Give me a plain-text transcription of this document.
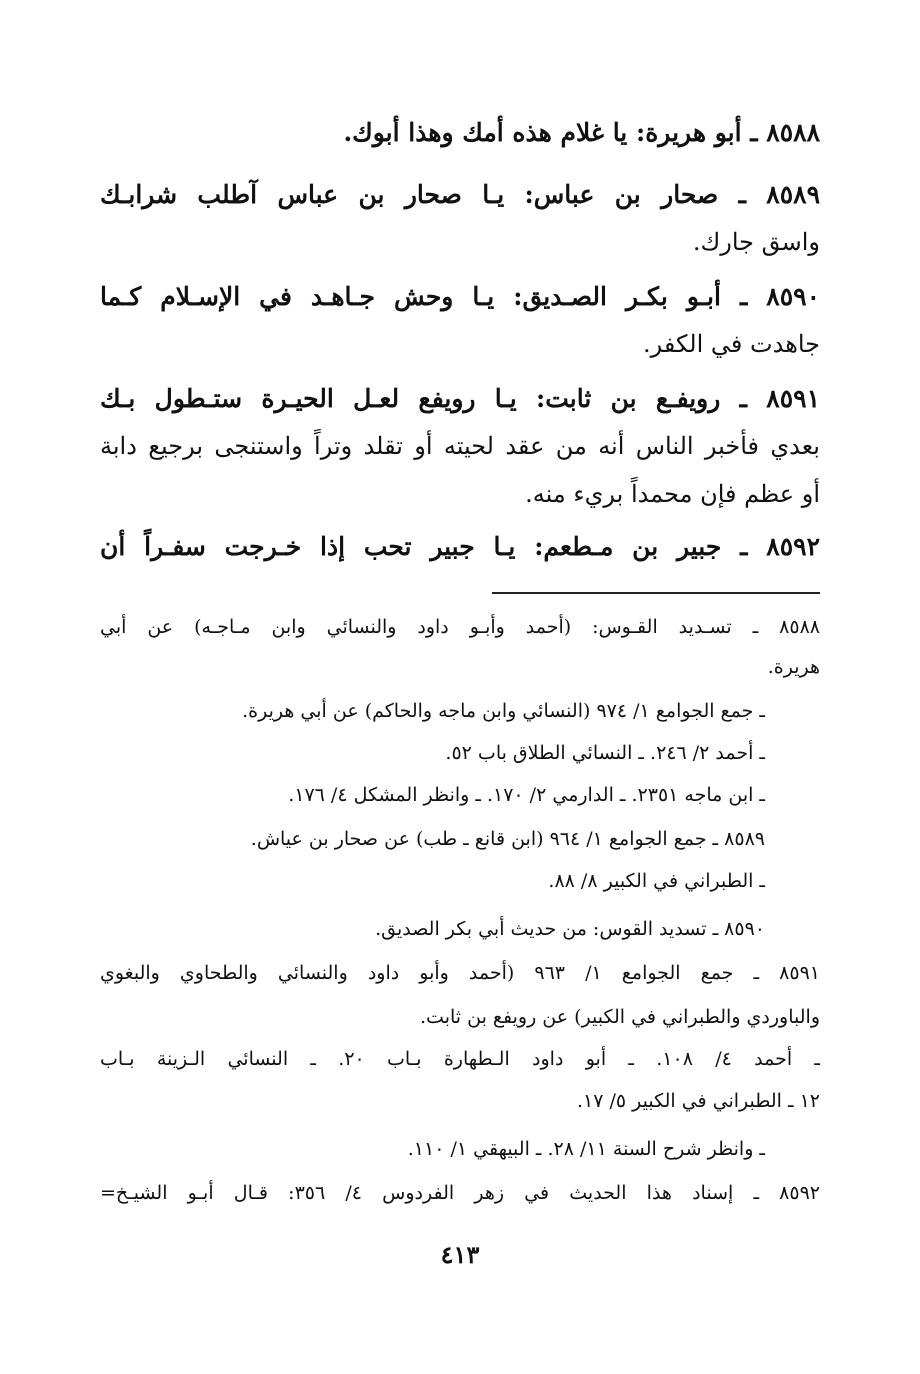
٨٥٨٨ ـ أبو هريرة: يا غلام هذه أمك وهذا أبوك.
٨٥٨٩ ـ صحار بن عباس: يـا صحار بن عباس آطلب شرابـك
واسق جارك.
٨٥٩٠ ـ أبـو بكـر الصـديق: يـا وحش جـاهـد في الإسـلام كـما
جاهدت في الكفر.
٨٥٩١ ـ رويفـع بن ثابت: يـا رويفع لعـل الحيـرة ستـطول بـك
بعدي فأخبر الناس أنه من عقد لحيته أو تقلد وتراً واستنجى برجيع دابة
أو عظم فإن محمداً بريء منه.
٨٥٩٢ ـ جبير بن مـطعم: يـا جبير تحب إذا خـرجت سفـراً أن
٨٥٨٨ ـ تسـديد القـوس: (أحمد وأبـو داود والنسائي وابن مـاجـه) عن أبي
هريرة.
ـ جمع الجوامع ١/ ٩٧٤ (النسائي وابن ماجه والحاكم) عن أبي هريرة.
ـ أحمد ٢/ ٢٤٦. ـ النسائي الطلاق باب ٥٢.
ـ ابن ماجه ٢٣٥١. ـ الدارمي ٢/ ١٧٠. ـ وانظر المشكل ٤/ ١٧٦.
٨٥٨٩ ـ جمع الجوامع ١/ ٩٦٤ (ابن قانع ـ طب) عن صحار بن عياش.
ـ الطبراني في الكبير ٨/ ٨٨.
٨٥٩٠ ـ تسديد القوس: من حديث أبي بكر الصديق.
٨٥٩١ ـ جمع الجوامع ١/ ٩٦٣ (أحمد وأبو داود والنسائي والطحاوي والبغوي
والباوردي والطبراني في الكبير) عن رويفع بن ثابت.
ـ أحمد ٤/ ١٠٨. ـ أبو داود الـطهارة بـاب ٢٠. ـ النسائي الـزينة بـاب
١٢ ـ الطبراني في الكبير ٥/ ١٧.
ـ وانظر شرح السنة ١١/ ٢٨. ـ البيهقي ١/ ١١٠.
٨٥٩٢ ـ إسناد هذا الحديث في زهر الفردوس ٤/ ٣٥٦: قـال أبـو الشيـخ=
٤١٣
